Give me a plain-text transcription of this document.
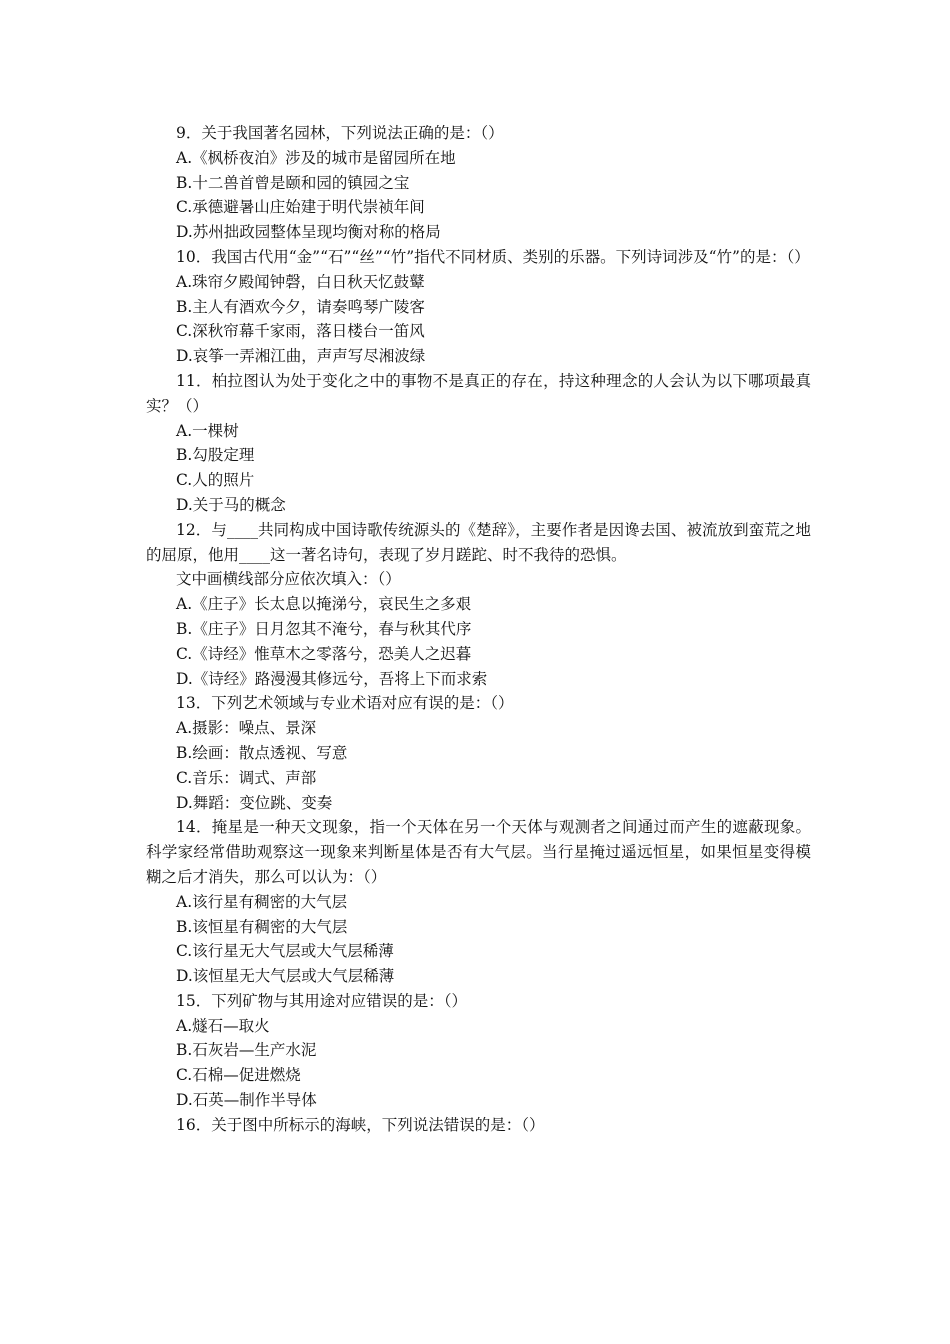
9．关于我国著名园林，下列说法正确的是：（）
A.《枫桥夜泊》涉及的城市是留园所在地
B.十二兽首曾是颐和园的镇园之宝
C.承德避暑山庄始建于明代崇祯年间
D.苏州拙政园整体呈现均衡对称的格局
10．我国古代用“金”“石”“丝”“竹”指代不同材质、类别的乐器。下列诗词涉及“竹”的是：（）
A.珠帘夕殿闻钟磬，白日秋天忆鼓鼙
B.主人有酒欢今夕，请奏鸣琴广陵客
C.深秋帘幕千家雨，落日楼台一笛风
D.哀筝一弄湘江曲，声声写尽湘波绿
11．柏拉图认为处于变化之中的事物不是真正的存在，持这种理念的人会认为以下哪项最真实？（）
A.一棵树
B.勾股定理
C.人的照片
D.关于马的概念
12．与____共同构成中国诗歌传统源头的《楚辞》，主要作者是因谗去国、被流放到蛮荒之地的屈原，他用____这一著名诗句，表现了岁月蹉跎、时不我待的恐惧。
文中画横线部分应依次填入：（）
A.《庄子》长太息以掩涕兮，哀民生之多艰
B.《庄子》日月忽其不淹兮，春与秋其代序
C.《诗经》惟草木之零落兮，恐美人之迟暮
D.《诗经》路漫漫其修远兮，吾将上下而求索
13．下列艺术领域与专业术语对应有误的是：（）
A.摄影：噪点、景深
B.绘画：散点透视、写意
C.音乐：调式、声部
D.舞蹈：变位跳、变奏
14．掩星是一种天文现象，指一个天体在另一个天体与观测者之间通过而产生的遮蔽现象。科学家经常借助观察这一现象来判断星体是否有大气层。当行星掩过遥远恒星，如果恒星变得模糊之后才消失，那么可以认为：（）
A.该行星有稠密的大气层
B.该恒星有稠密的大气层
C.该行星无大气层或大气层稀薄
D.该恒星无大气层或大气层稀薄
15．下列矿物与其用途对应错误的是：（）
A.燧石—取火
B.石灰岩—生产水泥
C.石棉—促进燃烧
D.石英—制作半导体
16．关于图中所标示的海峡，下列说法错误的是：（）
